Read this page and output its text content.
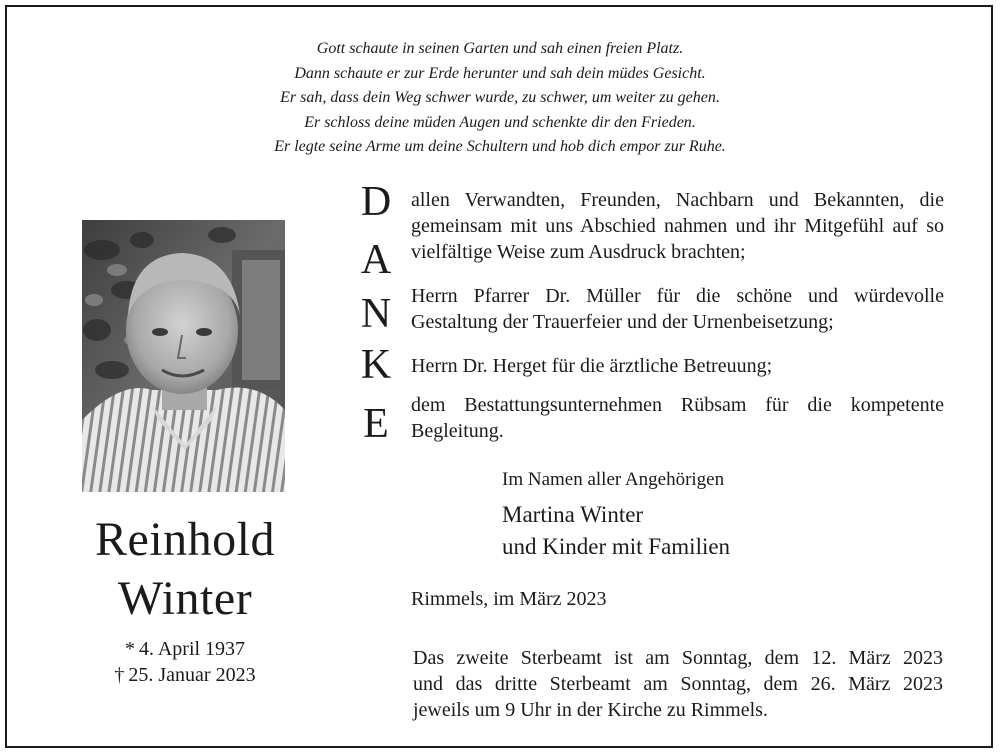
Gott schaute in seinen Garten und sah einen freien Platz.
Dann schaute er zur Erde herunter und sah dein müdes Gesicht.
Er sah, dass dein Weg schwer wurde, zu schwer, um weiter zu gehen.
Er schloss deine müden Augen und schenkte dir den Frieden.
Er legte seine Arme um deine Schultern und hob dich empor zur Ruhe.
Reinhold
Winter
* 4. April 1937
† 25. Januar 2023
D
A
N
K
E
allen Verwandten, Freunden, Nachbarn und Bekannten, die gemeinsam mit uns Abschied nahmen und ihr Mitgefühl auf so vielfältige Weise zum Ausdruck brachten;
Herrn Pfarrer Dr. Müller für die schöne und würdevolle Gestaltung der Trauerfeier und der Urnenbeisetzung;
Herrn Dr. Herget für die ärztliche Betreuung;
dem Bestattungsunternehmen Rübsam für die kompetente Begleitung.
Im Namen aller Angehörigen
Martina Winter
und Kinder mit Familien
Rimmels, im März 2023
Das zweite Sterbeamt ist am Sonntag, dem 12. März 2023
und das dritte Sterbeamt am Sonntag, dem 26. März 2023
jeweils um 9 Uhr in der Kirche zu Rimmels.
